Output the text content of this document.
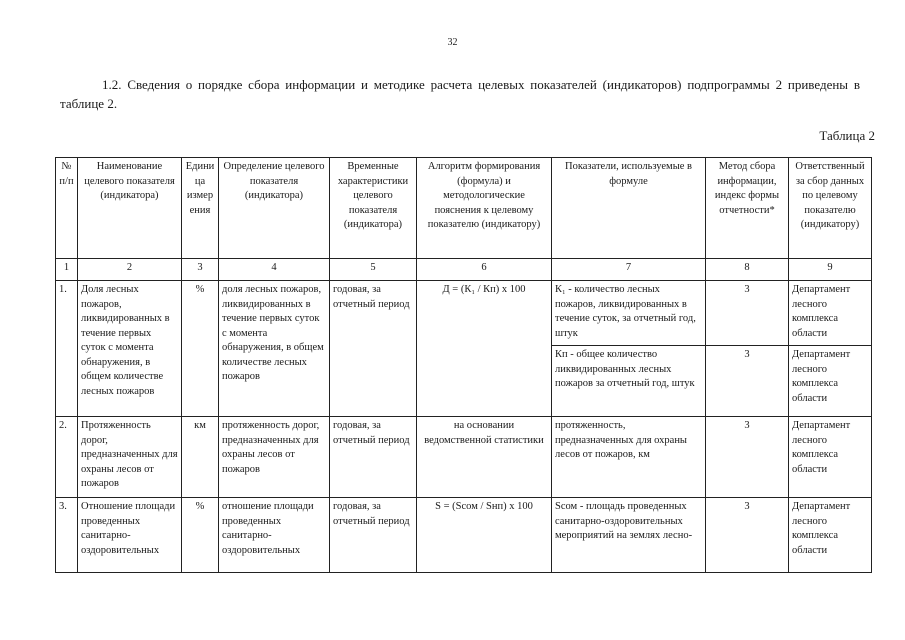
32

1.2. Сведения о порядке сбора информации и методике расчета целевых показателей (индикаторов) подпрограммы 2 приведены в таблице 2.

Таблица 2
№ п/п	Наименование целевого показателя (индикатора)	Единица измерения	Определение целевого показателя (индикатора)	Временные характеристики целевого показателя (индикатора)	Алгоритм формирования (формула) и методологические пояснения к целевому показателю (индикатору)	Показатели, используемые в формуле	Метод сбора информации, индекс формы отчетности*	Ответственный за сбор данных по целевому показателю (индикатору)
1	2	3	4	5	6	7	8	9
1.	Доля лесных пожаров, ликвидированных в течение первых суток с момента обнаружения, в общем количестве лесных пожаров	%	доля лесных пожаров, ликвидированных в течение первых суток с момента обнаружения, в общем количестве лесных пожаров	годовая, за отчетный период	Д = (К₁ / Кп) х 100	К₁ - количество лесных пожаров, ликвидированных в течение суток, за отчетный год, штук	3	Департамент лесного комплекса области
						Кп - общее количество ликвидированных лесных пожаров за отчетный год, штук	3	Департамент лесного комплекса области
2.	Протяженность дорог, предназначенных для охраны лесов от пожаров	км	протяженность дорог, предназначенных для охраны лесов от пожаров	годовая, за отчетный период	на основании ведомственной статистики	протяженность, предназначенных для охраны лесов от пожаров, км	3	Департамент лесного комплекса области
3.	Отношение площади проведенных санитарно-оздоровительных	%	отношение площади проведенных санитарно-оздоровительных	годовая, за отчетный период	S = (Sсом / Sнп) х 100	Sсом - площадь проведенных санитарно-оздоровительных мероприятий на землях лесно-	3	Департамент лесного комплекса области
